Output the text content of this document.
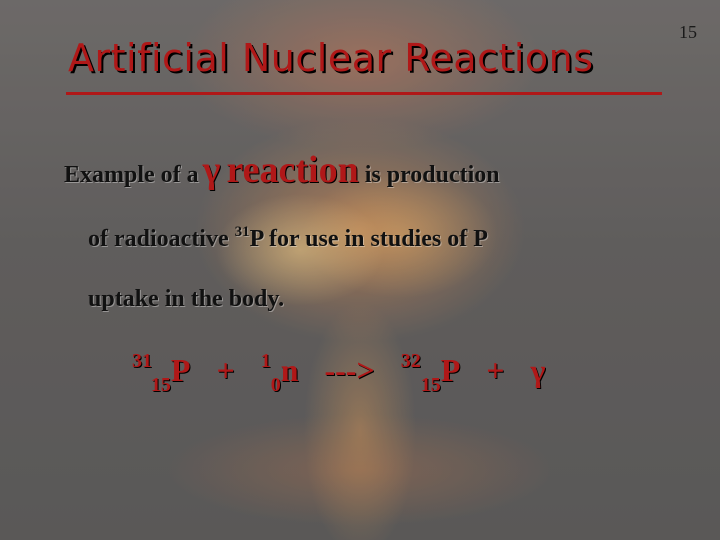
Artificial Nuclear Reactions
15
Example of a γ reaction is production
of radioactive $^{31}$P for use in studies of P
uptake in the body.
$^{31}_{15}$P + $^1_0$n ---> $^{32}_{15}$P + γ
